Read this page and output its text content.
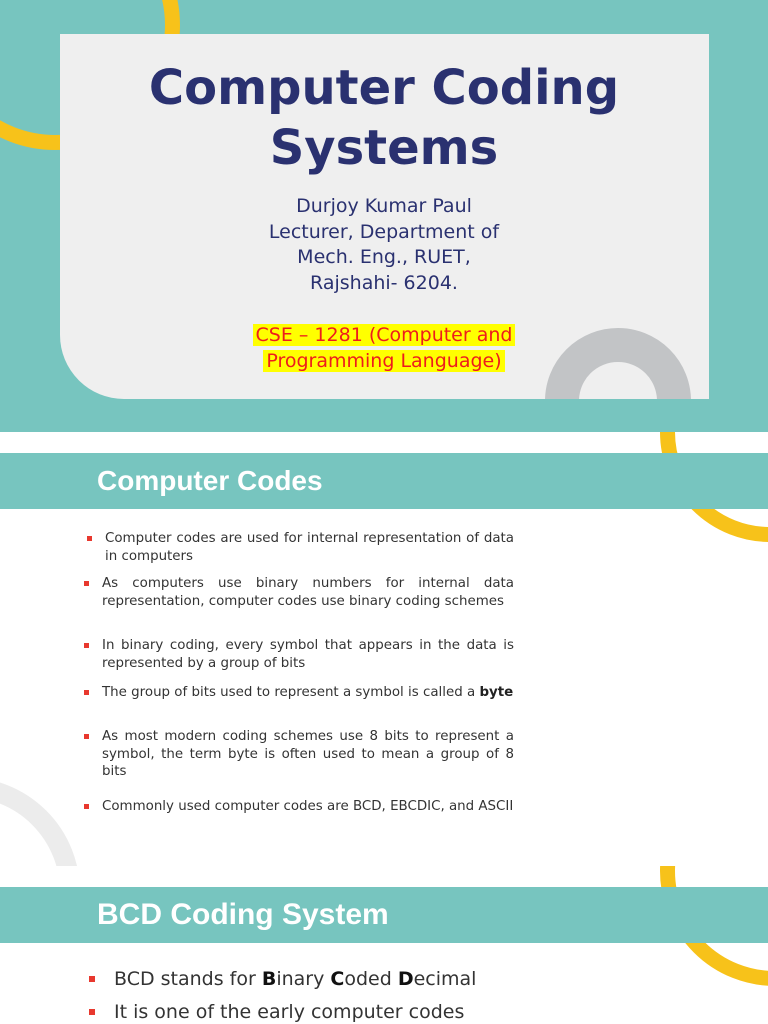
Computer Coding
Systems
Durjoy Kumar Paul
Lecturer, Department of
Mech. Eng., RUET,
Rajshahi- 6204.
CSE – 1281 (Computer and
Programming Language)
Computer Codes
Computer codes are used for internal representation of data in computers
As computers use binary numbers for internal data representation, computer codes use binary coding schemes
In binary coding, every symbol that appears in the data is represented by a group of bits
The group of bits used to represent a symbol is called a byte
As most modern coding schemes use 8 bits to represent a symbol, the term byte is often used to mean a group of 8 bits
Commonly used computer codes are BCD, EBCDIC, and ASCII
BCD Coding System
BCD stands for Binary Coded Decimal
It is one of the early computer codes
